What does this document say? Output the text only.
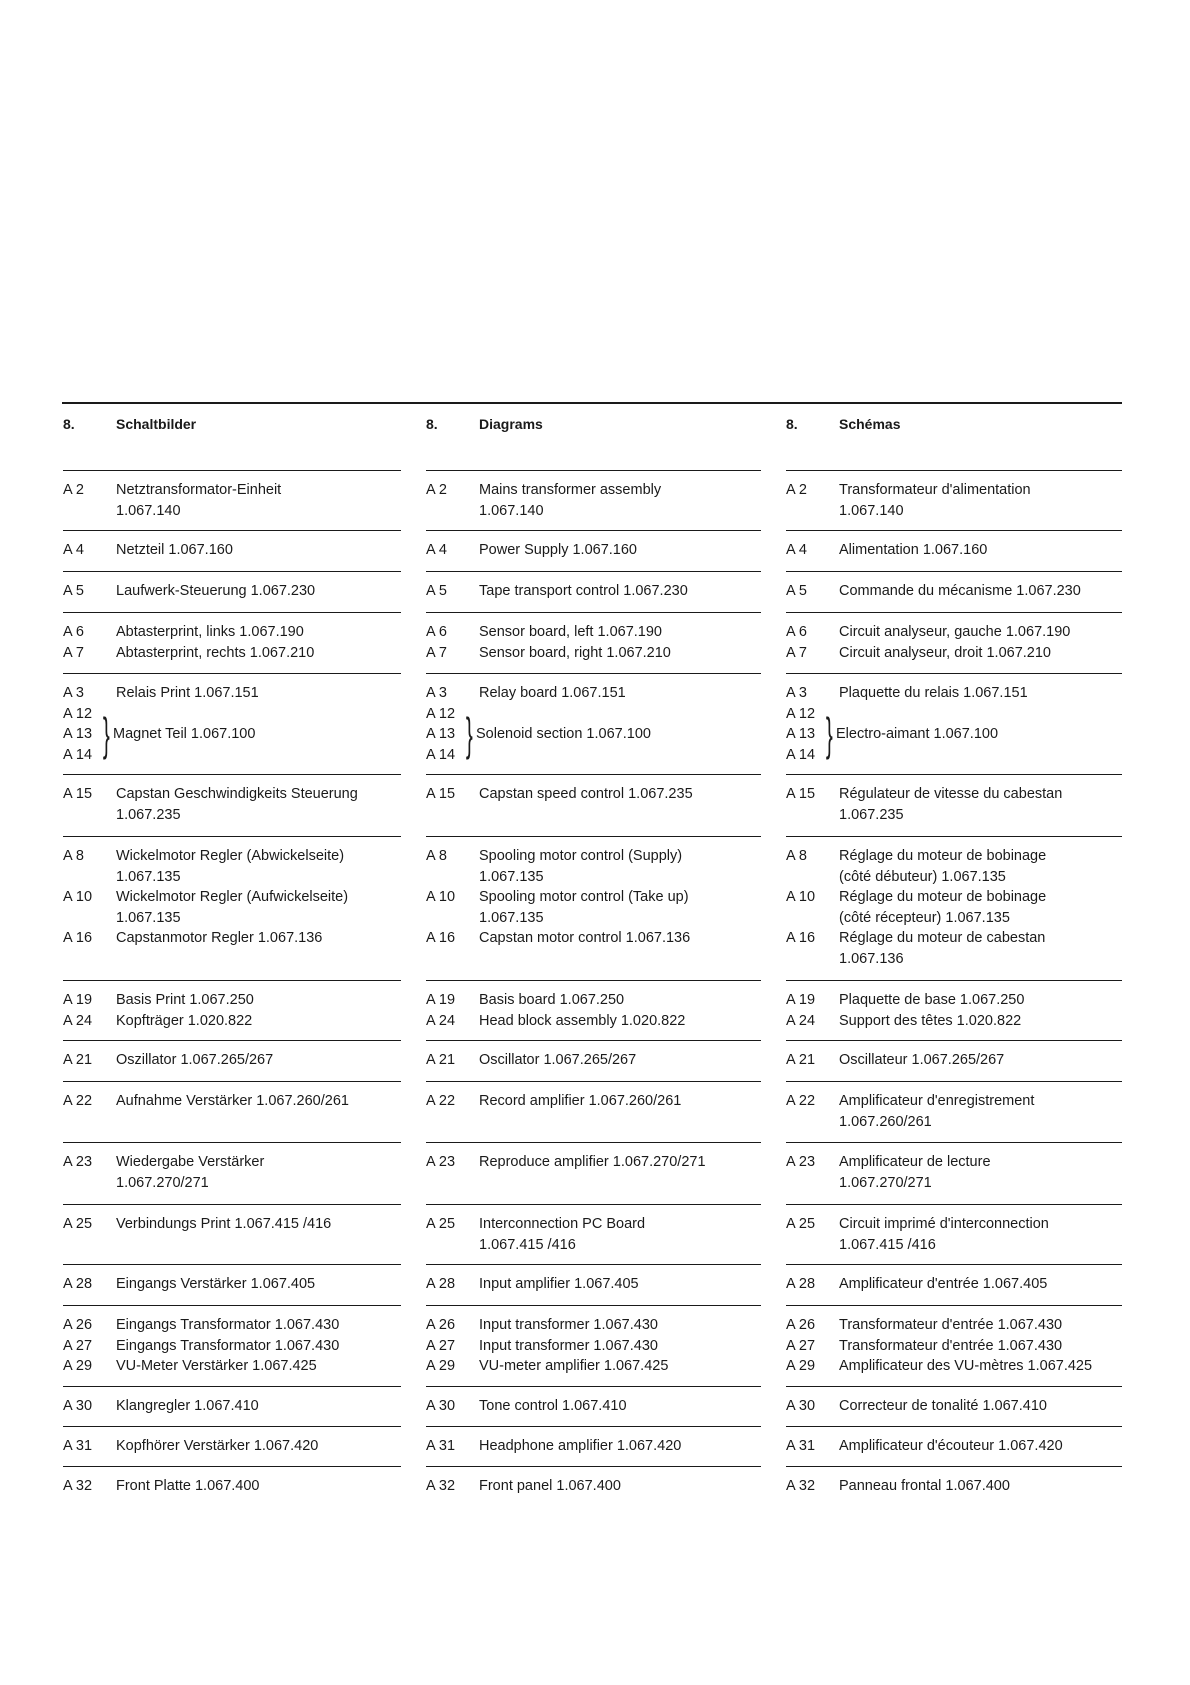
8.	Schaltbilder
A 2	Netztransformator-Einheit
1.067.140
A 4	Netzteil 1.067.160
A 5	Laufwerk-Steuerung 1.067.230
A 6	Abtasterprint, links 1.067.190
A 7	Abtasterprint, rechts 1.067.210
A 3	Relais Print 1.067.151
A 12
A 13
A 14 } Magnet Teil 1.067.100
A 15	Capstan Geschwindigkeits Steuerung
1.067.235
A 8	Wickelmotor Regler (Abwickelseite)
1.067.135
A 10	Wickelmotor Regler (Aufwickelseite)
1.067.135
A 16	Capstanmotor Regler 1.067.136
A 19	Basis Print 1.067.250
A 24	Kopfträger 1.020.822
A 21	Oszillator 1.067.265/267
A 22	Aufnahme Verstärker 1.067.260/261
A 23	Wiedergabe Verstärker
1.067.270/271
A 25	Verbindungs Print 1.067.415 /416
A 28	Eingangs Verstärker 1.067.405
A 26	Eingangs Transformator 1.067.430
A 27	Eingangs Transformator 1.067.430
A 29	VU-Meter Verstärker 1.067.425
A 30	Klangregler 1.067.410
A 31	Kopfhörer Verstärker 1.067.420
A 32	Front Platte 1.067.400
8.	Diagrams
A 2	Mains transformer assembly
1.067.140
A 4	Power Supply 1.067.160
A 5	Tape transport control 1.067.230
A 6	Sensor board, left 1.067.190
A 7	Sensor board, right 1.067.210
A 3	Relay board 1.067.151
A 12
A 13
A 14 } Solenoid section 1.067.100
A 15	Capstan speed control 1.067.235
A 8	Spooling motor control (Supply)
1.067.135
A 10	Spooling motor control (Take up)
1.067.135
A 16	Capstan motor control 1.067.136
A 19	Basis board 1.067.250
A 24	Head block assembly 1.020.822
A 21	Oscillator 1.067.265/267
A 22	Record amplifier 1.067.260/261
A 23	Reproduce amplifier 1.067.270/271
A 25	Interconnection PC Board
1.067.415 /416
A 28	Input amplifier 1.067.405
A 26	Input transformer 1.067.430
A 27	Input transformer 1.067.430
A 29	VU-meter amplifier 1.067.425
A 30	Tone control 1.067.410
A 31	Headphone amplifier 1.067.420
A 32	Front panel 1.067.400
8.	Schémas
A 2	Transformateur d'alimentation
1.067.140
A 4	Alimentation 1.067.160
A 5	Commande du mécanisme 1.067.230
A 6	Circuit analyseur, gauche 1.067.190
A 7	Circuit analyseur, droit 1.067.210
A 3	Plaquette du relais 1.067.151
A 12
A 13
A 14 } Electro-aimant 1.067.100
A 15	Régulateur de vitesse du cabestan
1.067.235
A 8	Réglage du moteur de bobinage
(côté débuteur) 1.067.135
A 10	Réglage du moteur de bobinage
(côté récepteur) 1.067.135
A 16	Réglage du moteur de cabestan
1.067.136
A 19	Plaquette de base 1.067.250
A 24	Support des têtes 1.020.822
A 21	Oscillateur 1.067.265/267
A 22	Amplificateur d'enregistrement
1.067.260/261
A 23	Amplificateur de lecture
1.067.270/271
A 25	Circuit imprimé d'interconnection
1.067.415 /416
A 28	Amplificateur d'entrée 1.067.405
A 26	Transformateur d'entrée 1.067.430
A 27	Transformateur d'entrée 1.067.430
A 29	Amplificateur des VU-mètres 1.067.425
A 30	Correcteur de tonalité 1.067.410
A 31	Amplificateur d'écouteur 1.067.420
A 32	Panneau frontal 1.067.400
